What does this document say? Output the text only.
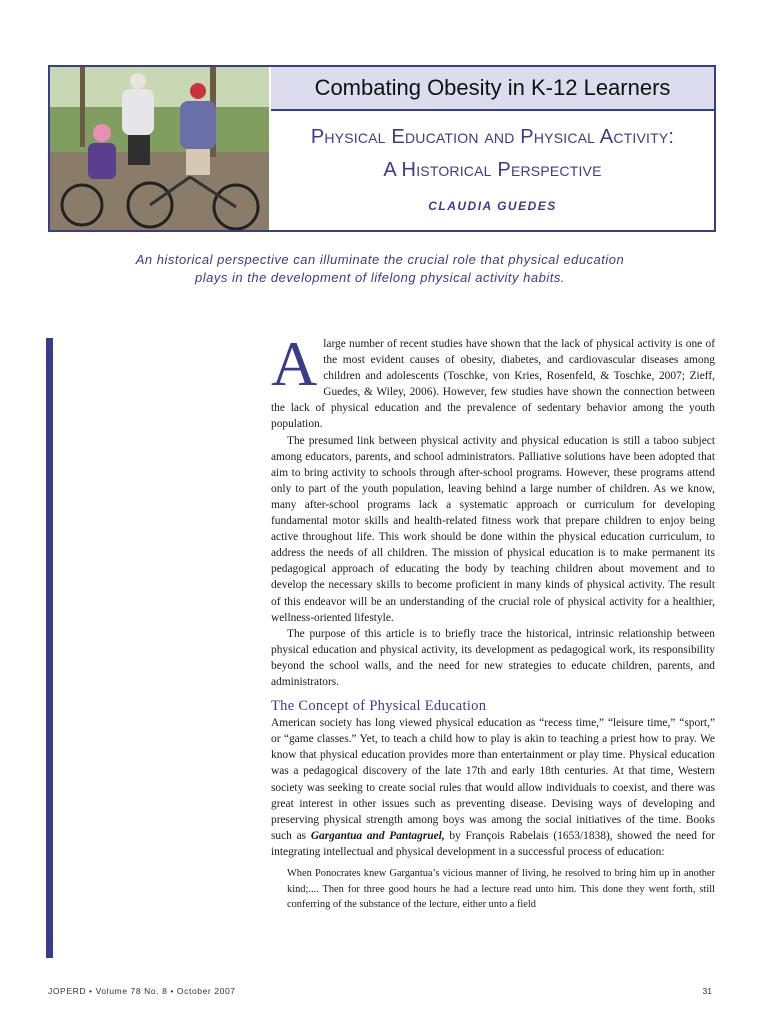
Combating Obesity in K-12 Learners
Physical Education and Physical Activity:
A Historical Perspective
CLAUDIA GUEDES
An historical perspective can illuminate the crucial role that physical education
plays in the development of lifelong physical activity habits.

Alarge number of recent studies have shown that the lack of physical activity is one of the most evident causes of obesity, diabetes, and cardiovascular diseases among children and adolescents (Toschke, von Kries, Rosenfeld, & Toschke, 2007; Zieff, Guedes, & Wiley, 2006). However, few studies have shown the connection between the lack of physical education and the prevalence of sedentary behavior among the youth population.

The presumed link between physical activity and physical education is still a taboo subject among educators, parents, and school administrators. Palliative solutions have been adopted that aim to bring activity to schools through after-school programs. However, these programs attend only to part of the youth population, leaving behind a large number of children. As we know, many after-school programs lack a systematic approach or curriculum for developing fundamental motor skills and health-related fitness work that prepare children to enjoy being active throughout life. This work should be done within the physical education curriculum, to address the needs of all children. The mission of physical education is to make permanent its pedagogical approach of educating the body by teaching children about movement and to develop the necessary skills to become proficient in many kinds of physical activity. The result of this endeavor will be an understanding of the crucial role of physical activity for a healthier, wellness-oriented lifestyle.

The purpose of this article is to briefly trace the historical, intrinsic relationship between physical education and physical activity, its development as pedagogical work, its responsibility beyond the school walls, and the need for new strategies to educate children, parents, and administrators.

The Concept of Physical Education

American society has long viewed physical education as “recess time,” “leisure time,” “sport,” or “game classes.” Yet, to teach a child how to play is akin to teaching a priest how to pray. We know that physical education provides more than entertainment or play time. Physical education was a pedagogical discovery of the late 17th and early 18th centuries. At that time, Western society was seeking to create social rules that would allow individuals to coexist, and there was great interest in other issues such as preventing disease. Devising ways of developing and preserving physical strength among boys was among the social initiatives of the time. Books such as Gargantua and Pantagruel, by François Rabelais (1653/1838), showed the need for integrating intellectual and physical development in a successful process of education:

When Ponocrates knew Gargantua’s vicious manner of living, he resolved to bring him up in another kind;.... Then for three good hours he had a lecture read unto him. This done they went forth, still conferring of the substance of the lecture, either unto a field
JOPERD • Volume 78 No. 8 • October 2007	31
